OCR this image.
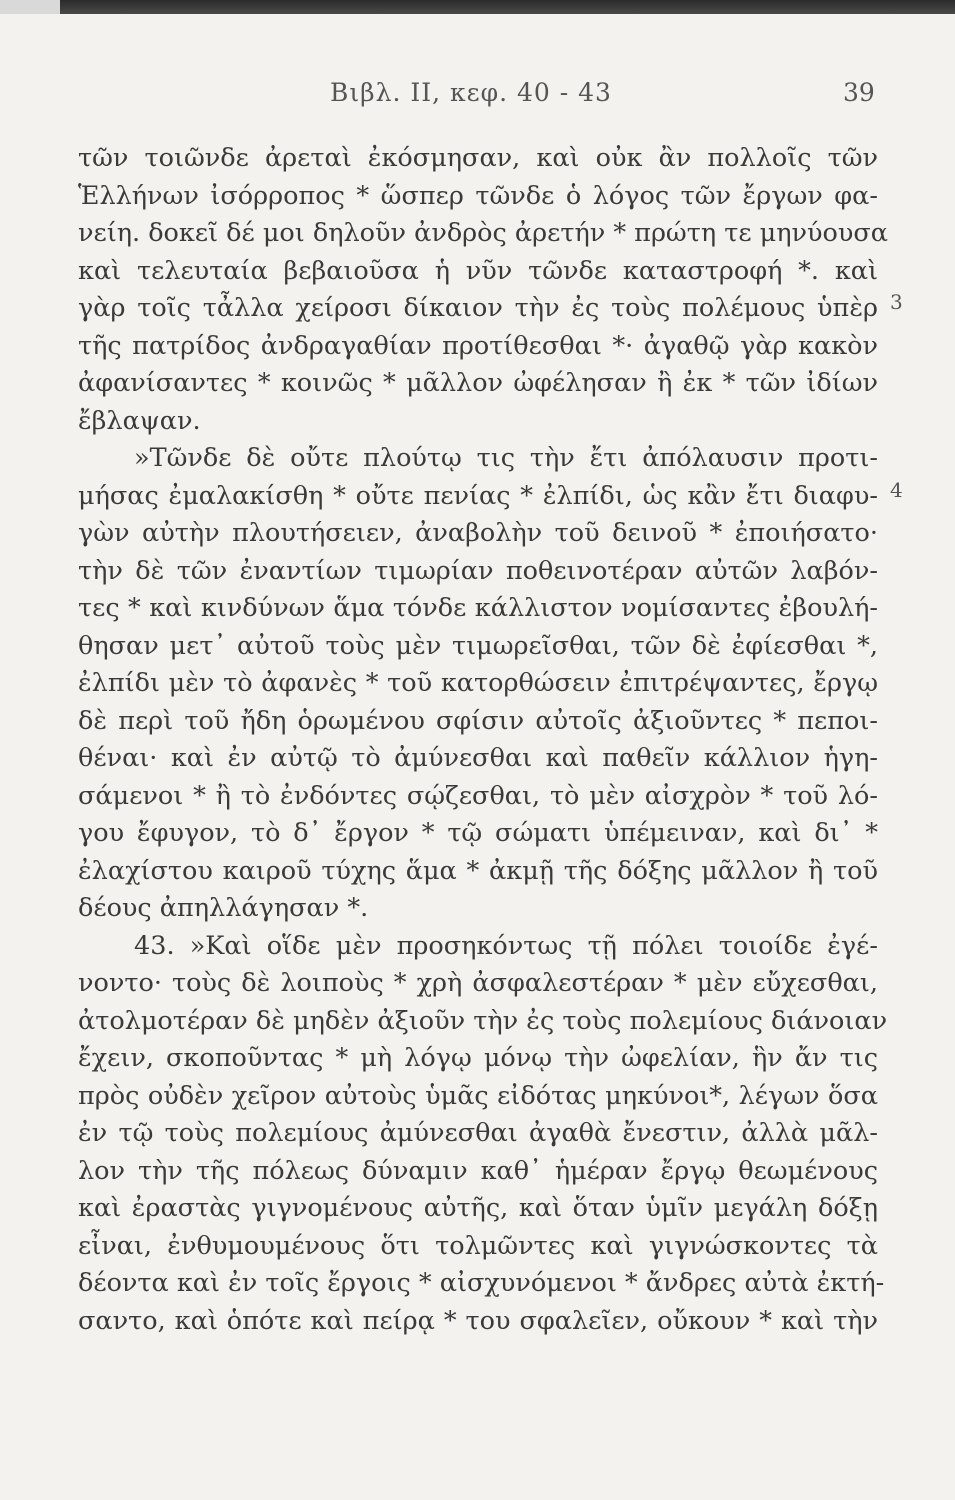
Βιβλ. ΙΙ, κεφ. 40 - 43	39
3
4
τῶν τοιῶνδε ἀρεταὶ ἐκόσμησαν, καὶ οὐκ ἂν πολλοῖς τῶν
Ἑλλήνων ἰσόρροπος * ὥσπερ τῶνδε ὁ λόγος τῶν ἔργων φα-
νείη. δοκεῖ δέ μοι δηλοῦν ἀνδρὸς ἀρετήν * πρώτη τε μηνύουσα
καὶ τελευταία βεβαιοῦσα ἡ νῦν τῶνδε καταστροφή *. καὶ
γὰρ τοῖς τἆλλα χείροσι δίκαιον τὴν ἐς τοὺς πολέμους ὑπὲρ
τῆς πατρίδος ἀνδραγαθίαν προτίθεσθαι *· ἀγαθῷ γὰρ κακὸν
ἀφανίσαντες * κοινῶς * μᾶλλον ὠφέλησαν ἢ ἐκ * τῶν ἰδίων
ἔβλαψαν.
»Τῶνδε δὲ οὔτε πλούτῳ τις τὴν ἔτι ἀπόλαυσιν προτι-
μήσας ἐμαλακίσθη * οὔτε πενίας * ἐλπίδι, ὡς κἂν ἔτι διαφυ-
γὼν αὐτὴν πλουτήσειεν, ἀναβολὴν τοῦ δεινοῦ * ἐποιήσατο·
τὴν δὲ τῶν ἐναντίων τιμωρίαν ποθεινοτέραν αὐτῶν λαβόν-
τες * καὶ κινδύνων ἅμα τόνδε κάλλιστον νομίσαντες ἐβουλή-
θησαν μετ᾽ αὐτοῦ τοὺς μὲν τιμωρεῖσθαι, τῶν δὲ ἐφίεσθαι *,
ἐλπίδι μὲν τὸ ἀφανὲς * τοῦ κατορθώσειν ἐπιτρέψαντες, ἔργῳ
δὲ περὶ τοῦ ἤδη ὁρωμένου σφίσιν αὐτοῖς ἀξιοῦντες * πεποι-
θέναι· καὶ ἐν αὐτῷ τὸ ἀμύνεσθαι καὶ παθεῖν κάλλιον ἡγη-
σάμενοι * ἢ τὸ ἐνδόντες σῴζεσθαι, τὸ μὲν αἰσχρὸν * τοῦ λό-
γου ἔφυγον, τὸ δ᾽ ἔργον * τῷ σώματι ὑπέμειναν, καὶ δι᾽ *
ἐλαχίστου καιροῦ τύχης ἅμα * ἀκμῇ τῆς δόξης μᾶλλον ἢ τοῦ
δέους ἀπηλλάγησαν *.
43. »Καὶ οἵδε μὲν προσηκόντως τῇ πόλει τοιοίδε ἐγέ-
νοντο· τοὺς δὲ λοιποὺς * χρὴ ἀσφαλεστέραν * μὲν εὔχεσθαι,
ἀτολμοτέραν δὲ μηδὲν ἀξιοῦν τὴν ἐς τοὺς πολεμίους διάνοιαν
ἔχειν, σκοποῦντας * μὴ λόγῳ μόνῳ τὴν ὠφελίαν, ἣν ἄν τις
πρὸς οὐδὲν χεῖρον αὐτοὺς ὑμᾶς εἰδότας μηκύνοι*, λέγων ὅσα
ἐν τῷ τοὺς πολεμίους ἀμύνεσθαι ἀγαθὰ ἔνεστιν, ἀλλὰ μᾶλ-
λον τὴν τῆς πόλεως δύναμιν καθ᾽ ἡμέραν ἔργῳ θεωμένους
καὶ ἐραστὰς γιγνομένους αὐτῆς, καὶ ὅταν ὑμῖν μεγάλη δόξῃ
εἶναι, ἐνθυμουμένους ὅτι τολμῶντες καὶ γιγνώσκοντες τὰ
δέοντα καὶ ἐν τοῖς ἔργοις * αἰσχυνόμενοι * ἄνδρες αὐτὰ ἐκτή-
σαντο, καὶ ὁπότε καὶ πείρᾳ * του σφαλεῖεν, οὔκουν * καὶ τὴν
